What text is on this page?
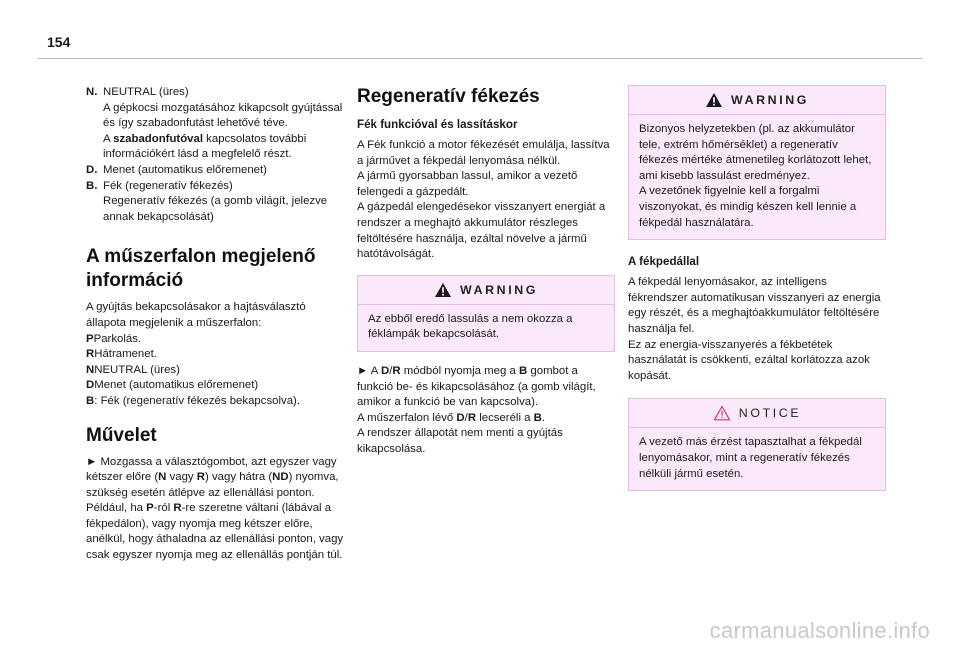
154
N. NEUTRAL (üres)

A gépkocsi mozgatásához kikapcsolt gyújtással és így szabadonfutást lehetővé téve.

A szabadonfutóval kapcsolatos további információkért lásd a megfelelő részt.

D. Menet (automatikus előremenet)

B. Fék (regeneratív fékezés)

Regeneratív fékezés (a gomb világít, jelezve annak bekapcsolását)

A műszerfalon megjelenő információ

A gyújtás bekapcsolásakor a hajtásválasztó állapota megjelenik a műszerfalon:

PParkolás.

RHátramenet.

NNEUTRAL (üres)

DMenet (automatikus előremenet)

B: Fék (regeneratív fékezés bekapcsolva).

Művelet

► Mozgassa a választógombot, azt egyszer vagy kétszer előre (N vagy R) vagy hátra (ND) nyomva, szükség esetén átlépve az ellenállási ponton.

Például, ha P-ról R-re szeretne váltani (lábával a fékpedálon), vagy nyomja meg kétszer előre, anélkül, hogy áthaladna az ellenállási ponton, vagy csak egyszer nyomja meg az ellenállás pontján túl.

Regeneratív fékezés
Fék funkcióval és lassításkor

A Fék funkció a motor fékezését emulálja, lassítva a járművet a fékpedál lenyomása nélkül.

A jármű gyorsabban lassul, amikor a vezető felengedi a gázpedált.

A gázpedál elengedésekor visszanyert energiát a rendszer a meghajtó akkumulátor részleges feltöltésére használja, ezáltal növelve a jármű hatótávolságát.

WARNING
Az ebből eredő lassulás a nem okozza a féklámpák bekapcsolását.

► A D/R módból nyomja meg a B gombot a funkció be- és kikapcsolásához (a gomb világít, amikor a funkció be van kapcsolva).

A műszerfalon lévő D/R lecseréli a B.

A rendszer állapotát nem menti a gyújtás kikapcsolása.

WARNING

Bizonyos helyzetekben (pl. az akkumulátor tele, extrém hőmérséklet) a regeneratív fékezés mértéke átmenetileg korlátozott lehet, ami kisebb lassulást eredményez.

A vezetőnek figyelnie kell a forgalmi viszonyokat, és mindig készen kell lennie a fékpedál használatára.

A fékpedállal

A fékpedál lenyomásakor, az intelligens fékrendszer automatikusan visszanyeri az energia egy részét, és a meghajtóakkumulátor feltöltésére használja fel.

Ez az energia-visszanyerés a fékbetétek használatát is csökkenti, ezáltal korlátozza azok kopását.

NOTICE
A vezető más érzést tapasztalhat a fékpedál lenyomásakor, mint a regeneratív fékezés nélküli jármű esetén.
carmanualsonline.info
